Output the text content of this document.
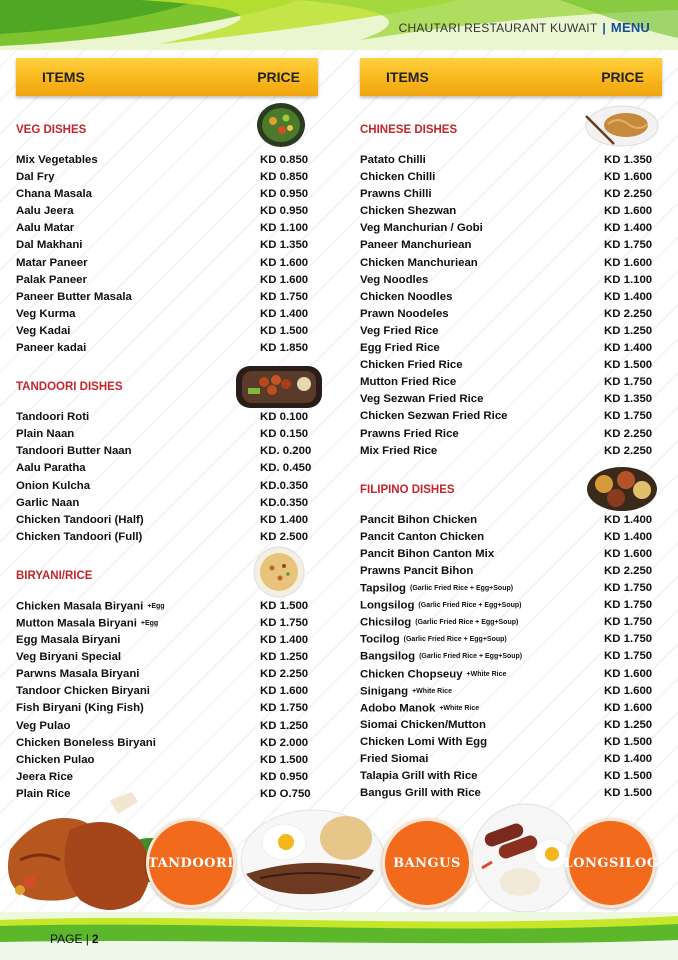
CHAUTARI RESTAURANT KUWAIT | MENU
ITEMS	PRICE
VEG DISHES
Mix Vegetables	KD 0.850
Dal Fry	KD 0.850
Chana Masala	KD 0.950
Aalu Jeera	KD 0.950
Aalu Matar	KD 1.100
Dal Makhani	KD 1.350
Matar Paneer	KD 1.600
Palak Paneer	KD 1.600
Paneer Butter Masala	KD 1.750
Veg Kurma	KD 1.400
Veg Kadai	KD 1.500
Paneer kadai	KD 1.850
TANDOORI DISHES
Tandoori Roti	KD 0.100
Plain Naan	KD 0.150
Tandoori Butter Naan	KD. 0.200
Aalu Paratha	KD. 0.450
Onion Kulcha	KD.0.350
Garlic Naan	KD.0.350
Chicken Tandoori (Half)	KD 1.400
Chicken Tandoori (Full)	KD 2.500
BIRYANI/RICE
Chicken Masala Biryani +Egg	KD 1.500
Mutton Masala Biryani +Egg	KD 1.750
Egg Masala Biryani	KD 1.400
Veg Biryani Special	KD 1.250
Parwns Masala Biryani	KD 2.250
Tandoor Chicken Biryani	KD 1.600
Fish Biryani (King Fish)	KD 1.750
Veg Pulao	KD 1.250
Chicken Boneless Biryani	KD 2.000
Chicken Pulao	KD 1.500
Jeera Rice	KD 0.950
Plain Rice	KD O.750
ITEMS	PRICE
CHINESE DISHES
Patato Chilli	KD 1.350
Chicken Chilli	KD 1.600
Prawns Chilli	KD 2.250
Chicken Shezwan	KD 1.600
Veg Manchurian / Gobi	KD 1.400
Paneer Manchuriean	KD 1.750
Chicken Manchuriean	KD 1.600
Veg Noodles	KD 1.100
Chicken Noodles	KD 1.400
Prawn Noodeles	KD 2.250
Veg Fried Rice	KD 1.250
Egg Fried Rice	KD 1.400
Chicken Fried Rice	KD 1.500
Mutton Fried Rice	KD 1.750
Veg Sezwan Fried Rice	KD 1.350
Chicken Sezwan Fried Rice	KD 1.750
Prawns Fried Rice	KD 2.250
Mix Fried Rice	KD 2.250
FILIPINO DISHES
Pancit Bihon Chicken	KD 1.400
Pancit Canton Chicken	KD 1.400
Pancit Bihon Canton Mix	KD 1.600
Prawns Pancit Bihon	KD 2.250
Tapsilog (Garlic Fried Rice + Egg+Soup)	KD 1.750
Longsilog (Garlic Fried Rice + Egg+Soup)	KD 1.750
Chicsilog (Garlic Fried Rice + Egg+Soup)	KD 1.750
Tocilog (Garlic Fried Rice + Egg+Soup)	KD 1.750
Bangsilog (Garlic Fried Rice + Egg+Soup)	KD 1.750
Chicken Chopseuy +White Rice	KD 1.600
Sinigang +White Rice	KD 1.600
Adobo Manok +White Rice	KD 1.600
Siomai Chicken/Mutton	KD 1.250
Chicken Lomi With Egg	KD 1.500
Fried Siomai	KD 1.400
Talapia Grill with Rice	KD 1.500
Bangus Grill with Rice	KD 1.500
TANDOORI	BANGUS	LONGSILOG
PAGE | 2
